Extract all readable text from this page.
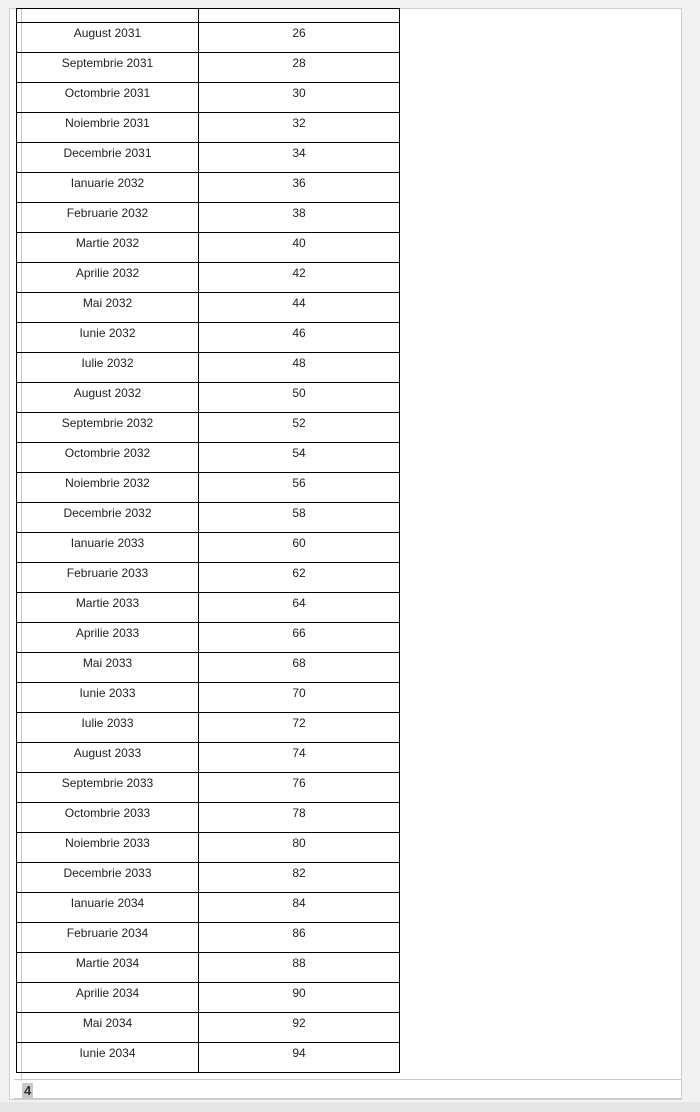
August 2031	26

Septembrie 2031	28

Octombrie 2031	30

Noiembrie 2031	32

Decembrie 2031	34

Ianuarie 2032	36

Februarie 2032	38

Martie 2032	40

Aprilie 2032	42

Mai 2032	44

Iunie 2032	46

Iulie 2032	48

August 2032	50

Septembrie 2032	52

Octombrie 2032	54

Noiembrie 2032	56

Decembrie 2032	58

Ianuarie 2033	60

Februarie 2033	62

Martie 2033	64

Aprilie 2033	66

Mai 2033	68

Iunie 2033	70

Iulie 2033	72

August 2033	74

Septembrie 2033	76

Octombrie 2033	78

Noiembrie 2033	80

Decembrie 2033	82

Ianuarie 2034	84

Februarie 2034	86

Martie 2034	88

Aprilie 2034	90

Mai 2034	92

Iunie 2034	94
4
